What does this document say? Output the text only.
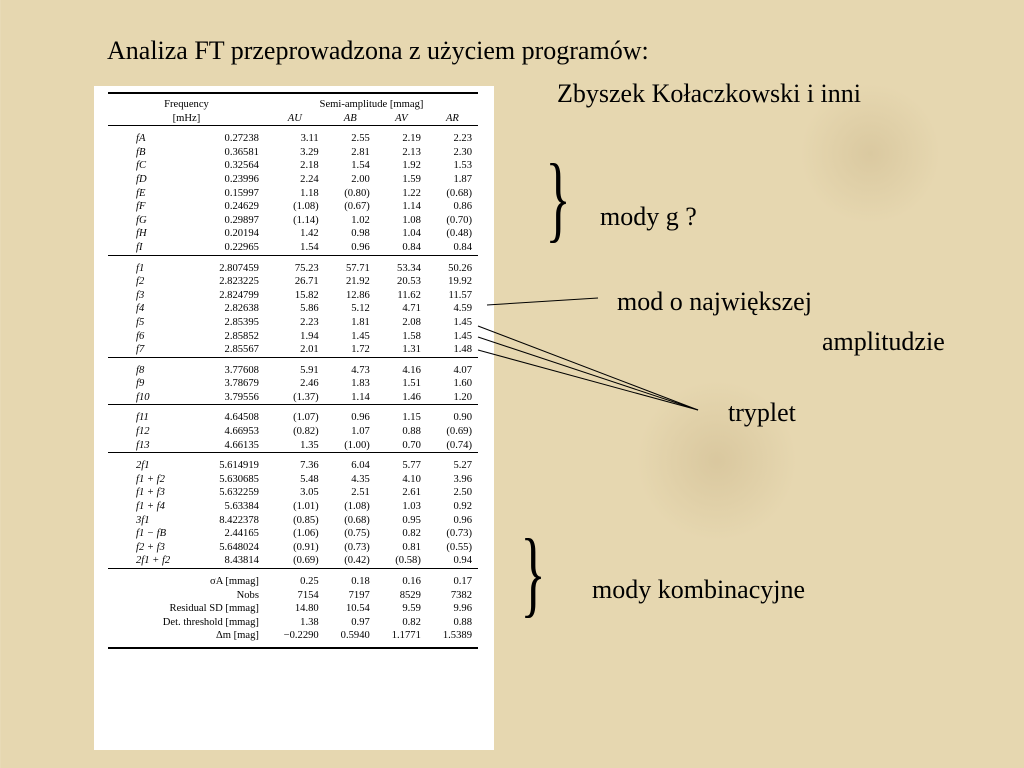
Analiza FT przeprowadzona z użyciem programów:
Zbyszek Kołaczkowski i inni

Frequency		Semi-amplitude [mmag]			
[mHz]		AU	AB	AV	AR

fA	0.27238	3.11	2.55	2.19	2.23
fB	0.36581	3.29	2.81	2.13	2.30
fC	0.32564	2.18	1.54	1.92	1.53
fD	0.23996	2.24	2.00	1.59	1.87
fE	0.15997	1.18	(0.80)	1.22	(0.68)
fF	0.24629	(1.08)	(0.67)	1.14	0.86
fG	0.29897	(1.14)	1.02	1.08	(0.70)
fH	0.20194	1.42	0.98	1.04	(0.48)
fI	0.22965	1.54	0.96	0.84	0.84

f1	2.807459	75.23	57.71	53.34	50.26
f2	2.823225	26.71	21.92	20.53	19.92
f3	2.824799	15.82	12.86	11.62	11.57
f4	2.82638	5.86	5.12	4.71	4.59
f5	2.85395	2.23	1.81	2.08	1.45
f6	2.85852	1.94	1.45	1.58	1.45
f7	2.85567	2.01	1.72	1.31	1.48

f8	3.77608	5.91	4.73	4.16	4.07
f9	3.78679	2.46	1.83	1.51	1.60
f10	3.79556	(1.37)	1.14	1.46	1.20

f11	4.64508	(1.07)	0.96	1.15	0.90
f12	4.66953	(0.82)	1.07	0.88	(0.69)
f13	4.66135	1.35	(1.00)	0.70	(0.74)

2f1	5.614919	7.36	6.04	5.77	5.27
f1 + f2	5.630685	5.48	4.35	4.10	3.96
f1 + f3	5.632259	3.05	2.51	2.61	2.50
f1 + f4	5.63384	(1.01)	(1.08)	1.03	0.92
3f1	8.422378	(0.85)	(0.68)	0.95	0.96
f1 − fB	2.44165	(1.06)	(0.75)	0.82	(0.73)
f2 + f3	5.648024	(0.91)	(0.73)	0.81	(0.55)
2f1 + f2	8.43814	(0.69)	(0.42)	(0.58)	0.94

σA [mmag]		0.25	0.18	0.16	0.17
Nobs		7154	7197	8529	7382
Residual SD [mmag]		14.80	10.54	9.59	9.96
Det. threshold [mmag]		1.38	0.97	0.82	0.88
Δm [mag]		−0.2290	0.5940	1.1771	1.5389

} mody g ?
mod o największej
amplitudzie
tryplet
} mody kombinacyjne
